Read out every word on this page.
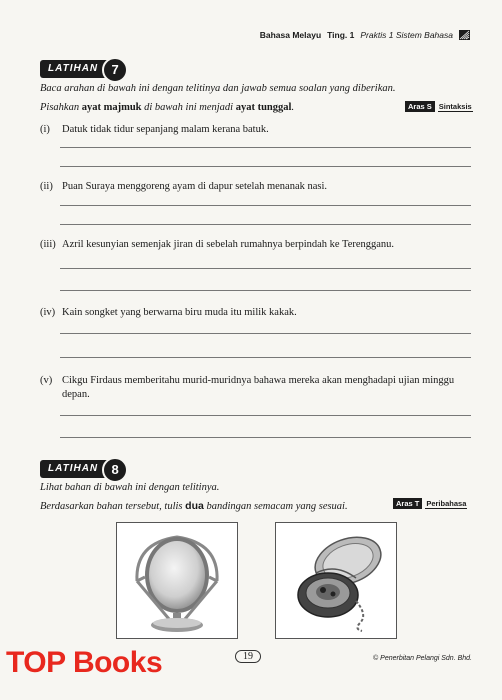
Bahasa Melayu Ting. 1 Praktis 1 Sistem Bahasa
LATIHAN	7
Baca arahan di bawah ini dengan telitinya dan jawab semua soalan yang diberikan.
Pisahkan ayat majmuk di bawah ini menjadi ayat tunggal.	Aras S Sintaksis
(i) Datuk tidak tidur sepanjang malam kerana batuk.
(ii) Puan Suraya menggoreng ayam di dapur setelah menanak nasi.
(iii) Azril kesunyian semenjak jiran di sebelah rumahnya berpindah ke Terengganu.
(iv) Kain songket yang berwarna biru muda itu milik kakak.
(v) Cikgu Firdaus memberitahu murid-muridnya bahawa mereka akan menghadapi ujian minggu depan.
LATIHAN	8
Lihat bahan di bawah ini dengan telitinya.
Berdasarkan bahan tersebut, tulis dua bandingan semacam yang sesuai.	Aras T Peribahasa
TOP Books	19	© Penerbitan Pelangi Sdn. Bhd.
